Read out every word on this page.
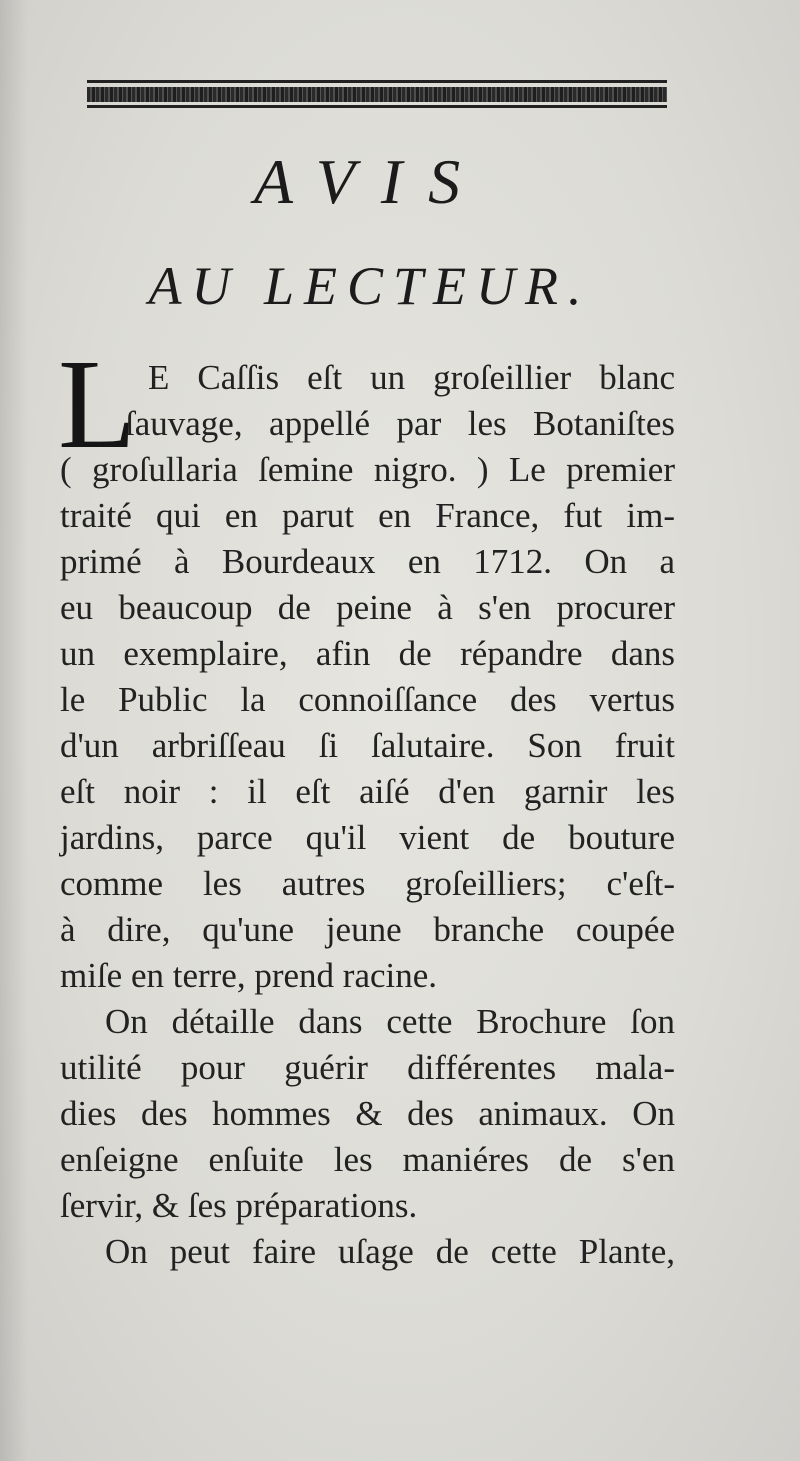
AVIS
AU LECTEUR.
L E Caſſis eſt un groſeillier blanc
ſauvage, appellé par les Botaniſtes
( groſullaria ſemine nigro. ) Le premier
traité qui en parut en France, fut im-
primé à Bourdeaux en 1712. On a
eu beaucoup de peine à s'en procurer
un exemplaire, afin de répandre dans
le Public la connoiſſance des vertus
d'un arbriſſeau ſi ſalutaire. Son fruit
eſt noir : il eſt aiſé d'en garnir les
jardins, parce qu'il vient de bouture
comme les autres groſeilliers; c'eſt-
à dire, qu'une jeune branche coupée
miſe en terre, prend racine.
On détaille dans cette Brochure ſon
utilité pour guérir différentes mala-
dies des hommes & des animaux. On
enſeigne enſuite les maniéres de s'en
ſervir, & ſes préparations.
On peut faire uſage de cette Plante,
